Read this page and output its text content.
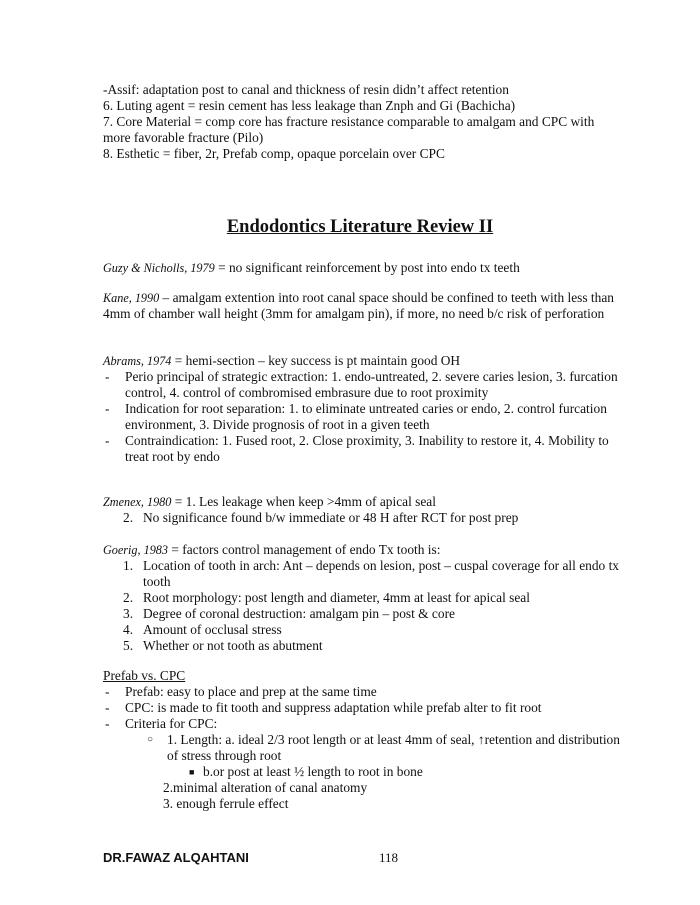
-Assif: adaptation post to canal and thickness of resin didn’t affect retention

6. Luting agent = resin cement has less leakage than Znph and Gi (Bachicha)

7. Core Material = comp core has fracture resistance comparable to amalgam and CPC with more favorable fracture (Pilo)

8. Esthetic = fiber, 2r, Prefab comp, opaque porcelain over CPC

Endodontics Literature Review II

Guzy & Nicholls, 1979 = no significant reinforcement by post into endo tx teeth

Kane, 1990 – amalgam extention into root canal space should be confined to teeth with less than 4mm of chamber wall height (3mm for amalgam pin), if more, no need b/c risk of perforation

Abrams, 1974 = hemi-section – key success is pt maintain good OH

- Perio principal of strategic extraction: 1. endo-untreated, 2. severe caries lesion, 3. furcation control, 4. control of combromised embrasure due to root proximity

- Indication for root separation: 1. to eliminate untreated caries or endo, 2. control furcation environment, 3. Divide prognosis of root in a given teeth

- Contraindication: 1. Fused root, 2. Close proximity, 3. Inability to restore it, 4. Mobility to treat root by endo

Zmenex, 1980 = 1. Les leakage when keep >4mm of apical seal

2. No significance found b/w immediate or 48 H after RCT for post prep

Goerig, 1983 = factors control management of endo Tx tooth is:

1. Location of tooth in arch: Ant – depends on lesion, post – cuspal coverage for all endo tx tooth

2. Root morphology: post length and diameter, 4mm at least for apical seal

3. Degree of coronal destruction: amalgam pin – post & core

4. Amount of occlusal stress

5. Whether or not tooth as abutment

Prefab vs. CPC

- Prefab: easy to place and prep at the same time

- CPC: is made to fit tooth and suppress adaptation while prefab alter to fit root

- Criteria for CPC:

○ 1. Length: a. ideal 2/3 root length or at least 4mm of seal, ↑retention and distribution of stress through root

■ b.or post at least ½ length to root in bone

2.minimal alteration of canal anatomy

3. enough ferrule effect

DR.FAWAZ ALQAHTANI	118
